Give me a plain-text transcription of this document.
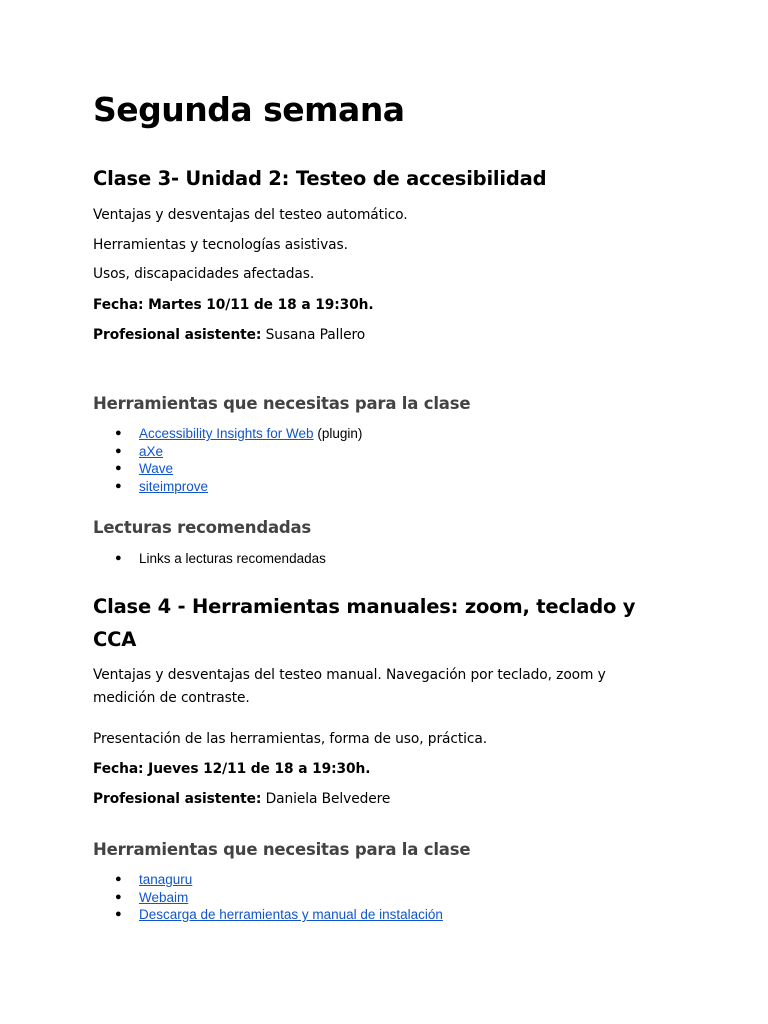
Segunda semana
Clase 3- Unidad 2: Testeo de accesibilidad

Ventajas y desventajas del testeo automático.

Herramientas y tecnologías asistivas.

Usos, discapacidades afectadas.

Fecha: Martes 10/11 de 18 a 19:30h.

Profesional asistente: Susana Pallero

Herramientas que necesitas para la clase
● Accessibility Insights for Web (plugin)
● aXe
● Wave
● siteimprove
Lecturas recomendadas
● Links a lecturas recomendadas
Clase 4 - Herramientas manuales: zoom, teclado y CCA

Ventajas y desventajas del testeo manual. Navegación por teclado, zoom y medición de contraste.

Presentación de las herramientas, forma de uso, práctica.

Fecha: Jueves 12/11 de 18 a 19:30h.

Profesional asistente: Daniela Belvedere

Herramientas que necesitas para la clase
● tanaguru
● Webaim
● Descarga de herramientas y manual de instalación
